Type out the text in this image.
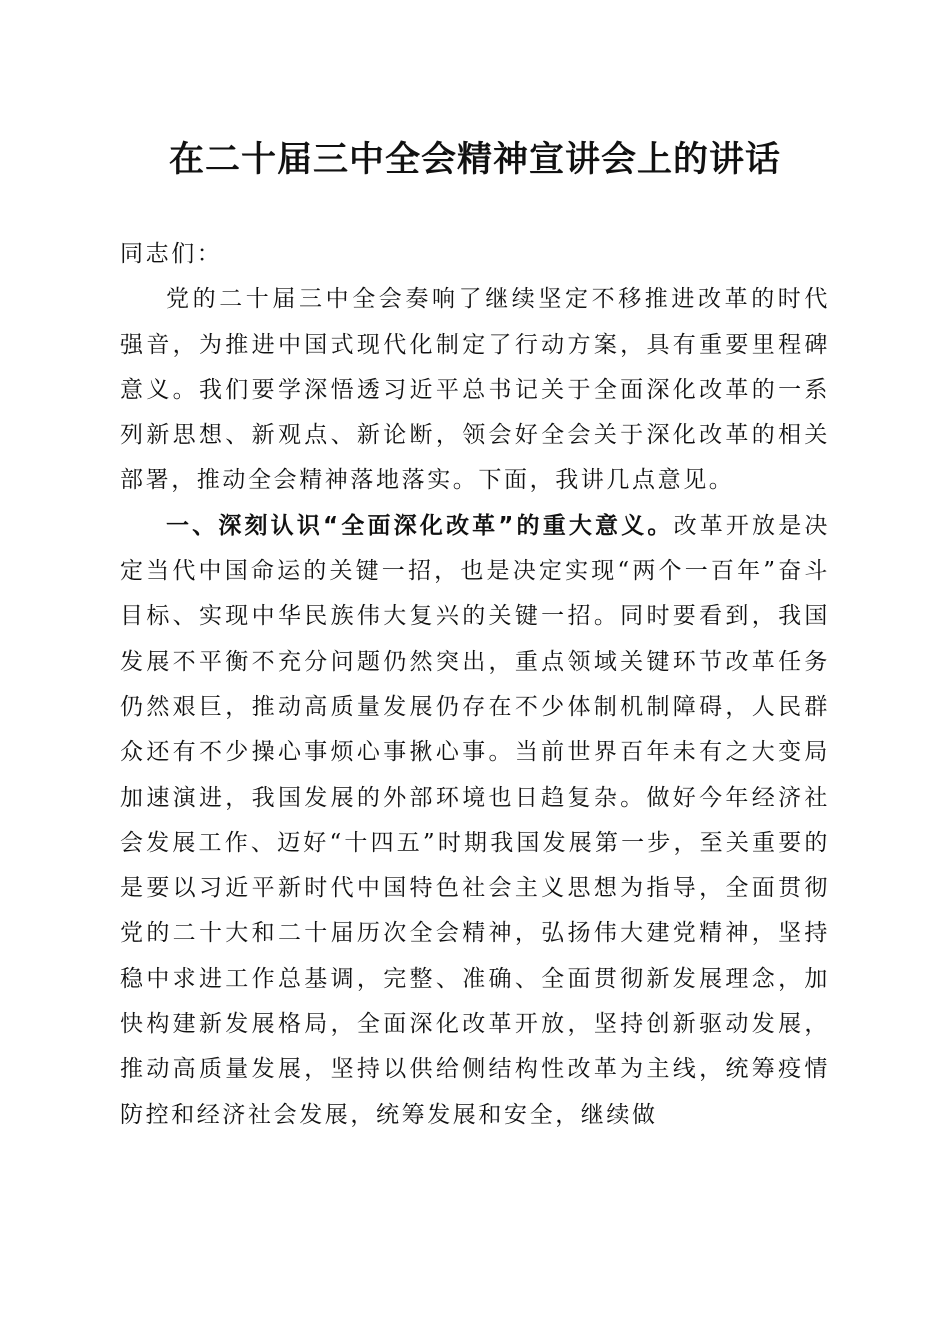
在二十届三中全会精神宣讲会上的讲话

同志们：

党的二十届三中全会奏响了继续坚定不移推进改革的时代强音，为推进中国式现代化制定了行动方案，具有重要里程碑意义。我们要学深悟透习近平总书记关于全面深化改革的一系列新思想、新观点、新论断，领会好全会关于深化改革的相关部署，推动全会精神落地落实。下面，我讲几点意见。

一、深刻认识“全面深化改革”的重大意义。改革开放是决定当代中国命运的关键一招，也是决定实现“两个一百年”奋斗目标、实现中华民族伟大复兴的关键一招。同时要看到，我国发展不平衡不充分问题仍然突出，重点领域关键环节改革任务仍然艰巨，推动高质量发展仍存在不少体制机制障碍，人民群众还有不少操心事烦心事揪心事。当前世界百年未有之大变局加速演进，我国发展的外部环境也日趋复杂。做好今年经济社会发展工作、迈好“十四五”时期我国发展第一步，至关重要的是要以习近平新时代中国特色社会主义思想为指导，全面贯彻党的二十大和二十届历次全会精神，弘扬伟大建党精神，坚持稳中求进工作总基调，完整、准确、全面贯彻新发展理念，加快构建新发展格局，全面深化改革开放，坚持创新驱动发展，推动高质量发展，坚持以供给侧结构性改革为主线，统筹疫情防控和经济社会发展，统筹发展和安全，继续做
